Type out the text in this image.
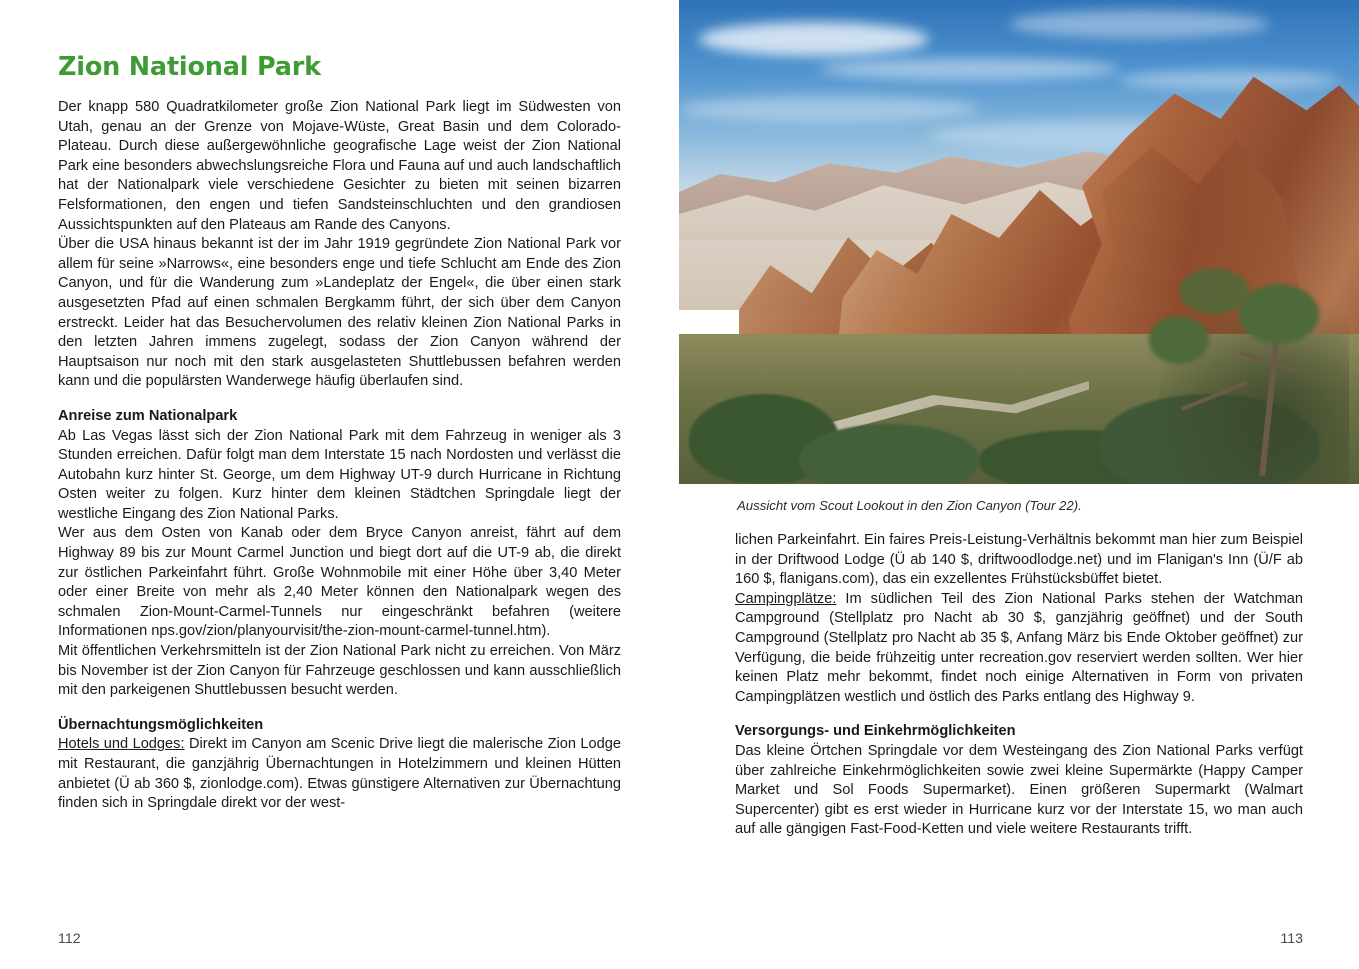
Zion National Park

Der knapp 580 Quadratkilometer große Zion National Park liegt im Südwesten von Utah, genau an der Grenze von Mojave-Wüste, Great Basin und dem Colorado-Plateau. Durch diese außergewöhnliche geografische Lage weist der Zion National Park eine besonders abwechslungsreiche Flora und Fauna auf und auch landschaftlich hat der Nationalpark viele verschiedene Gesichter zu bieten mit seinen bizarren Felsformationen, den engen und tiefen Sandsteinschluchten und den grandiosen Aussichtspunkten auf den Plateaus am Rande des Canyons.

Über die USA hinaus bekannt ist der im Jahr 1919 gegründete Zion National Park vor allem für seine »Narrows«, eine besonders enge und tiefe Schlucht am Ende des Zion Canyon, und für die Wanderung zum »Landeplatz der Engel«, die über einen stark ausgesetzten Pfad auf einen schmalen Bergkamm führt, der sich über dem Canyon erstreckt. Leider hat das Besuchervolumen des relativ kleinen Zion National Parks in den letzten Jahren immens zugelegt, sodass der Zion Canyon während der Hauptsaison nur noch mit den stark ausgelasteten Shuttlebussen befahren werden kann und die populärsten Wanderwege häufig überlaufen sind.

Anreise zum Nationalpark

Ab Las Vegas lässt sich der Zion National Park mit dem Fahrzeug in weniger als 3 Stunden erreichen. Dafür folgt man dem Interstate 15 nach Nordosten und verlässt die Autobahn kurz hinter St. George, um dem Highway UT-9 durch Hurricane in Richtung Osten weiter zu folgen. Kurz hinter dem kleinen Städtchen Springdale liegt der westliche Eingang des Zion National Parks.

Wer aus dem Osten von Kanab oder dem Bryce Canyon anreist, fährt auf dem Highway 89 bis zur Mount Carmel Junction und biegt dort auf die UT-9 ab, die direkt zur östlichen Parkeinfahrt führt. Große Wohnmobile mit einer Höhe über 3,40 Meter oder einer Breite von mehr als 2,40 Meter können den Nationalpark wegen des schmalen Zion-Mount-Carmel-Tunnels nur eingeschränkt befahren (weitere Informationen nps.gov/zion/planyourvisit/the-zion-mount-carmel-tunnel.htm).

Mit öffentlichen Verkehrsmitteln ist der Zion National Park nicht zu erreichen. Von März bis November ist der Zion Canyon für Fahrzeuge geschlossen und kann ausschließlich mit den parkeigenen Shuttlebussen besucht werden.

Übernachtungsmöglichkeiten

Hotels und Lodges: Direkt im Canyon am Scenic Drive liegt die malerische Zion Lodge mit Restaurant, die ganzjährig Übernachtungen in Hotelzimmern und kleinen Hütten anbietet (Ü ab 360 $, zionlodge.com). Etwas günstigere Alternativen zur Übernachtung finden sich in Springdale direkt vor der west-

112
Aussicht vom Scout Lookout in den Zion Canyon (Tour 22).

lichen Parkeinfahrt. Ein faires Preis-Leistung-Verhältnis bekommt man hier zum Beispiel in der Driftwood Lodge (Ü ab 140 $, driftwoodlodge.net) und im Flanigan's Inn (Ü/F ab 160 $, flanigans.com), das ein exzellentes Frühstücksbüffet bietet.

Campingplätze: Im südlichen Teil des Zion National Parks stehen der Watchman Campground (Stellplatz pro Nacht ab 30 $, ganzjährig geöffnet) und der South Campground (Stellplatz pro Nacht ab 35 $, Anfang März bis Ende Oktober geöffnet) zur Verfügung, die beide frühzeitig unter recreation.gov reserviert werden sollten. Wer hier keinen Platz mehr bekommt, findet noch einige Alternativen in Form von privaten Campingplätzen westlich und östlich des Parks entlang des Highway 9.

Versorgungs- und Einkehrmöglichkeiten

Das kleine Örtchen Springdale vor dem Westeingang des Zion National Parks verfügt über zahlreiche Einkehrmöglichkeiten sowie zwei kleine Supermärkte (Happy Camper Market und Sol Foods Supermarket). Einen größeren Supermarkt (Walmart Supercenter) gibt es erst wieder in Hurricane kurz vor der Interstate 15, wo man auch auf alle gängigen Fast-Food-Ketten und viele weitere Restaurants trifft.

113
